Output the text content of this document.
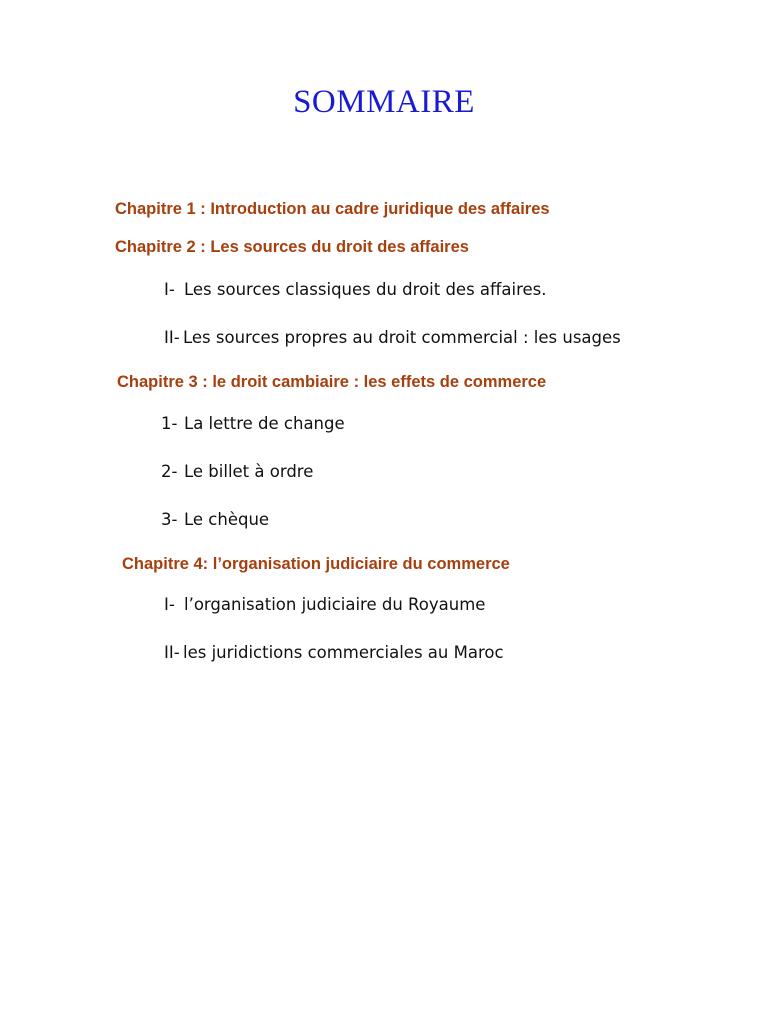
SOMMAIRE
Chapitre 1 : Introduction au cadre juridique des affaires
Chapitre 2 : Les sources du droit des affaires
I- Les sources classiques du droit des affaires.
II- Les sources propres au droit commercial : les usages
Chapitre 3 : le droit cambiaire : les effets de commerce
1- La lettre de change
2- Le billet à ordre
3- Le chèque
Chapitre 4: l’organisation judiciaire du commerce
I- l’organisation judiciaire du Royaume
II- les juridictions commerciales au Maroc
